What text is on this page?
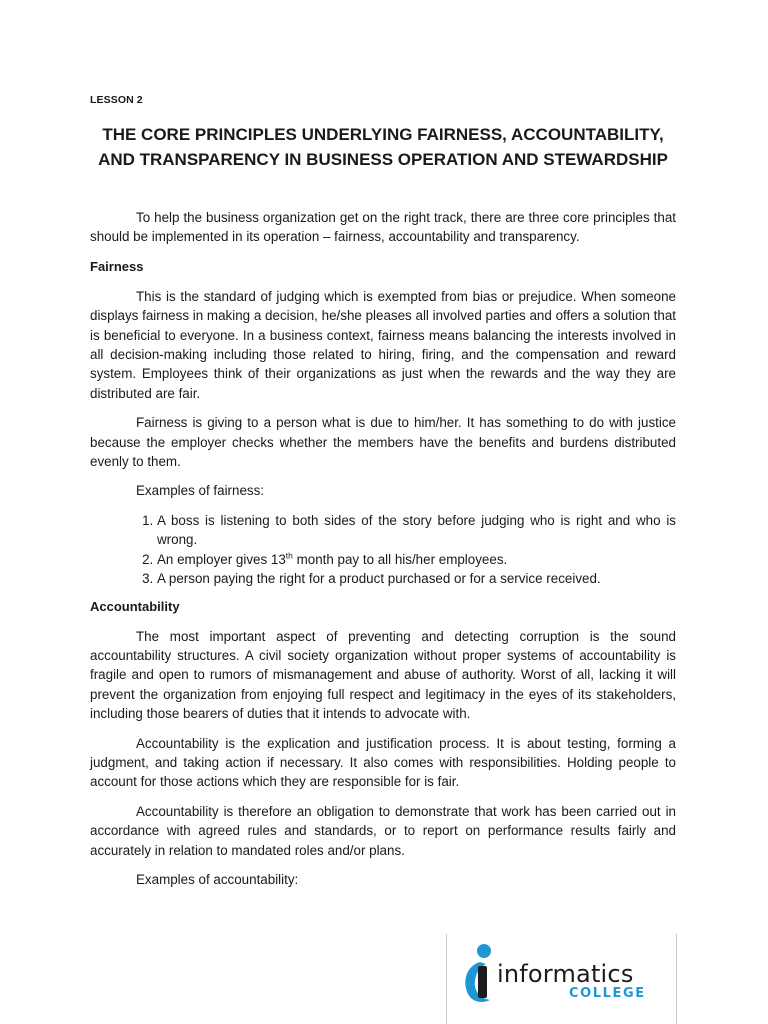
LESSON 2
THE CORE PRINCIPLES UNDERLYING FAIRNESS, ACCOUNTABILITY, AND TRANSPARENCY IN BUSINESS OPERATION AND STEWARDSHIP

To help the business organization get on the right track, there are three core principles that should be implemented in its operation – fairness, accountability and transparency.

Fairness

This is the standard of judging which is exempted from bias or prejudice. When someone displays fairness in making a decision, he/she pleases all involved parties and offers a solution that is beneficial to everyone. In a business context, fairness means balancing the interests involved in all decision-making including those related to hiring, firing, and the compensation and reward system. Employees think of their organizations as just when the rewards and the way they are distributed are fair.

Fairness is giving to a person what is due to him/her. It has something to do with justice because the employer checks whether the members have the benefits and burdens distributed evenly to them.

Examples of fairness:

1. A boss is listening to both sides of the story before judging who is right and who is wrong.
2. An employer gives 13th month pay to all his/her employees.
3. A person paying the right for a product purchased or for a service received.
Accountability

The most important aspect of preventing and detecting corruption is the sound accountability structures. A civil society organization without proper systems of accountability is fragile and open to rumors of mismanagement and abuse of authority. Worst of all, lacking it will prevent the organization from enjoying full respect and legitimacy in the eyes of its stakeholders, including those bearers of duties that it intends to advocate with.

Accountability is the explication and justification process. It is about testing, forming a judgment, and taking action if necessary. It also comes with responsibilities. Holding people to account for those actions which they are responsible for is fair.

Accountability is therefore an obligation to demonstrate that work has been carried out in accordance with agreed rules and standards, or to report on performance results fairly and accurately in relation to mandated roles and/or plans.

Examples of accountability:

informatics
COLLEGE
